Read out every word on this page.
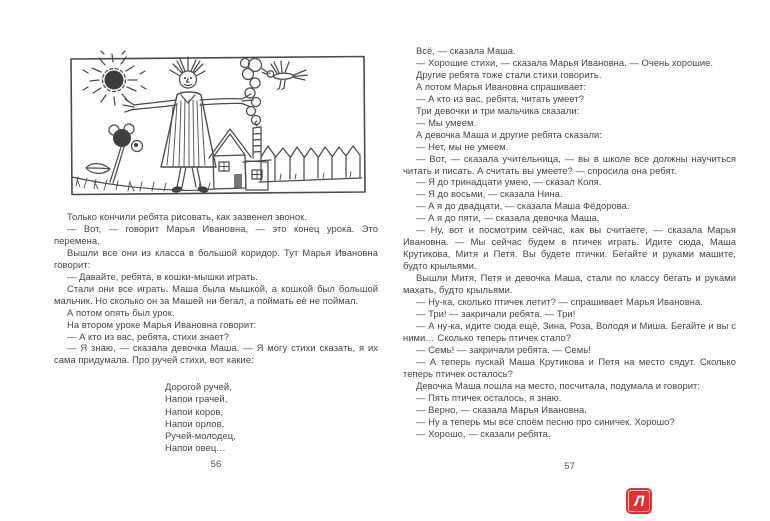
Только кончили ребята рисовать, как зазвенел звонок.

— Вот, — говорит Марья Ивановна, — это конец урока. Это перемена.

Вышли все они из класса в большой коридор. Тут Марья Ивановна говорит:

— Давайте, ребята, в кошки-мышки играть.

Стали они все играть. Маша была мышкой, а кошкой был большой мальчик. Но сколько он за Машей ни бегал, а поймать её не поймал.

А потом опять был урок.

На втором уроке Марья Ивановна говорит:

— А кто из вас, ребята, стихи знает?

— Я знаю, — сказала девочка Маша. — Я могу стихи сказать, я их сама придумала. Про ручей стихи, вот какие:

Дорогой ручей,

Напои грачей,

Напои коров,

Напои орлов,

Ручей-молодец,

Напои овец…

Всё, — сказала Маша.

— Хорошие стихи, — сказала Марья Ивановна. — Очень хорошие.

Другие ребята тоже стали стихи говорить.

А потом Марья Ивановна спрашивает:

— А кто из вас, ребята, читать умеет?

Три девочки и три мальчика сказали:

— Мы умеем.

А девочка Маша и другие ребята сказали:

— Нет, мы не умеем.

— Вот, — сказала учительница, — вы в школе все должны научиться читать и писать. А считать вы умеете? — спросила она ребят.

— Я до тринадцати умею, — сказал Коля.

— Я до восьми, — сказала Нина.

— А я до двадцати, — сказала Маша Фёдорова.

— А я до пяти, — сказала девочка Маша.

— Ну, вот и посмотрим сейчас, как вы считаете, — сказала Марья Ивановна. — Мы сейчас будем в птичек играть. Идите сюда, Маша Крутикова, Митя и Петя. Вы будете птички. Бегайте и руками машите, будто крыльями.

Вышли Митя, Петя и девочка Маша, стали по классу бегать и руками махать, будто крыльями.

— Ну-ка, сколько птичек летит? — спрашивает Марья Ивановна.

— Три! — закричали ребята. — Три!

— А ну-ка, идите сюда ещё, Зина, Роза, Володя и Миша. Бегайте и вы с ними… Сколько теперь птичек стало?

— Семь! — закричали ребята. — Семь!

— А теперь пускай Маша Крутикова и Петя на место сядут. Сколько теперь птичек осталось?

Девочка Маша пошла на место, посчитала, подумала и говорит:

— Пять птичек осталось, я знаю.

— Верно, — сказала Марья Ивановна.

— Ну а теперь мы все споём песню про синичек. Хорошо?

— Хорошо, — сказали ребята.

56	57
Л
